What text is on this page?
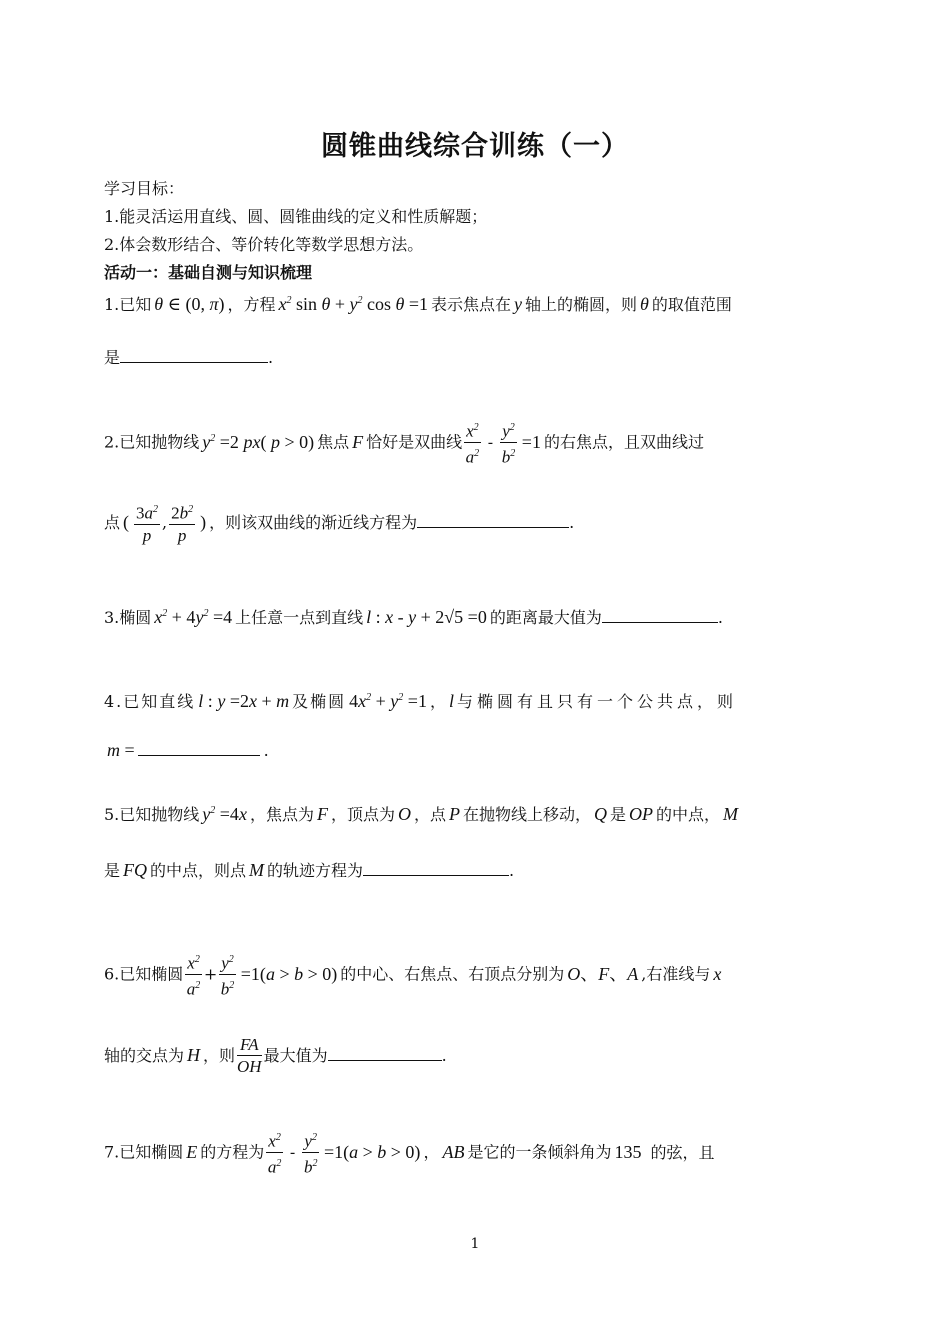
圆锥曲线综合训练（一）
学习目标：
1.能灵活运用直线、圆、圆锥曲线的定义和性质解题；
2.体会数形结合、等价转化等数学思想方法。
活动一：基础自测与知识梳理
1.已知 θ ∈ (0, π) ，方程 $x^2$ $\sin \theta + y^2$ cos θ =1 表示焦点在 y 轴上的椭圆，则 θ 的取值范围
是	.
2.已知抛物线 $y^2 =2$ px( p > 0) 焦点 F 恰好是双曲线 $\frac{x^2}{a^2} - \frac{y^2}{b^2} =1$ 的右焦点，且双曲线过
点 ( $\frac{3a^2}{p}$ , $\frac{2b^2}{p}$ ) ，则该双曲线的渐近线方程为	.
3.椭圆 $x^2 + 4y^2 =4$ 上任意一点到直线 l : x - y + 2√5 =0 的距离最大值为	.
4.已知直线 l : y =2x + m 及椭圆 $4x^2 + y^2 =1$ ， l 与椭圆有且只有一个公共点，则
m =	.
5.已知抛物线 $y^2 =4x$ ，焦点为 F ，顶点为 O ，点 P 在抛物线上移动， Q 是 OP 的中点， M
是 FQ 的中点，则点 M 的轨迹方程为	.
6.已知椭圆 $\frac{x^2}{a^2} + \frac{y^2}{b^2} =1(a > b > 0)$ 的中心、右焦点、右顶点分别为 O、F、A ,右准线与 x
轴的交点为 H ，则 $\frac{FA}{OH}$ 最大值为	.
7.已知椭圆 E 的方程为 $\frac{x^2}{a^2} - \frac{y^2}{b^2} =1(a > b > 0)$ ， AB 是它的一条倾斜角为 135 的弦，且
1
